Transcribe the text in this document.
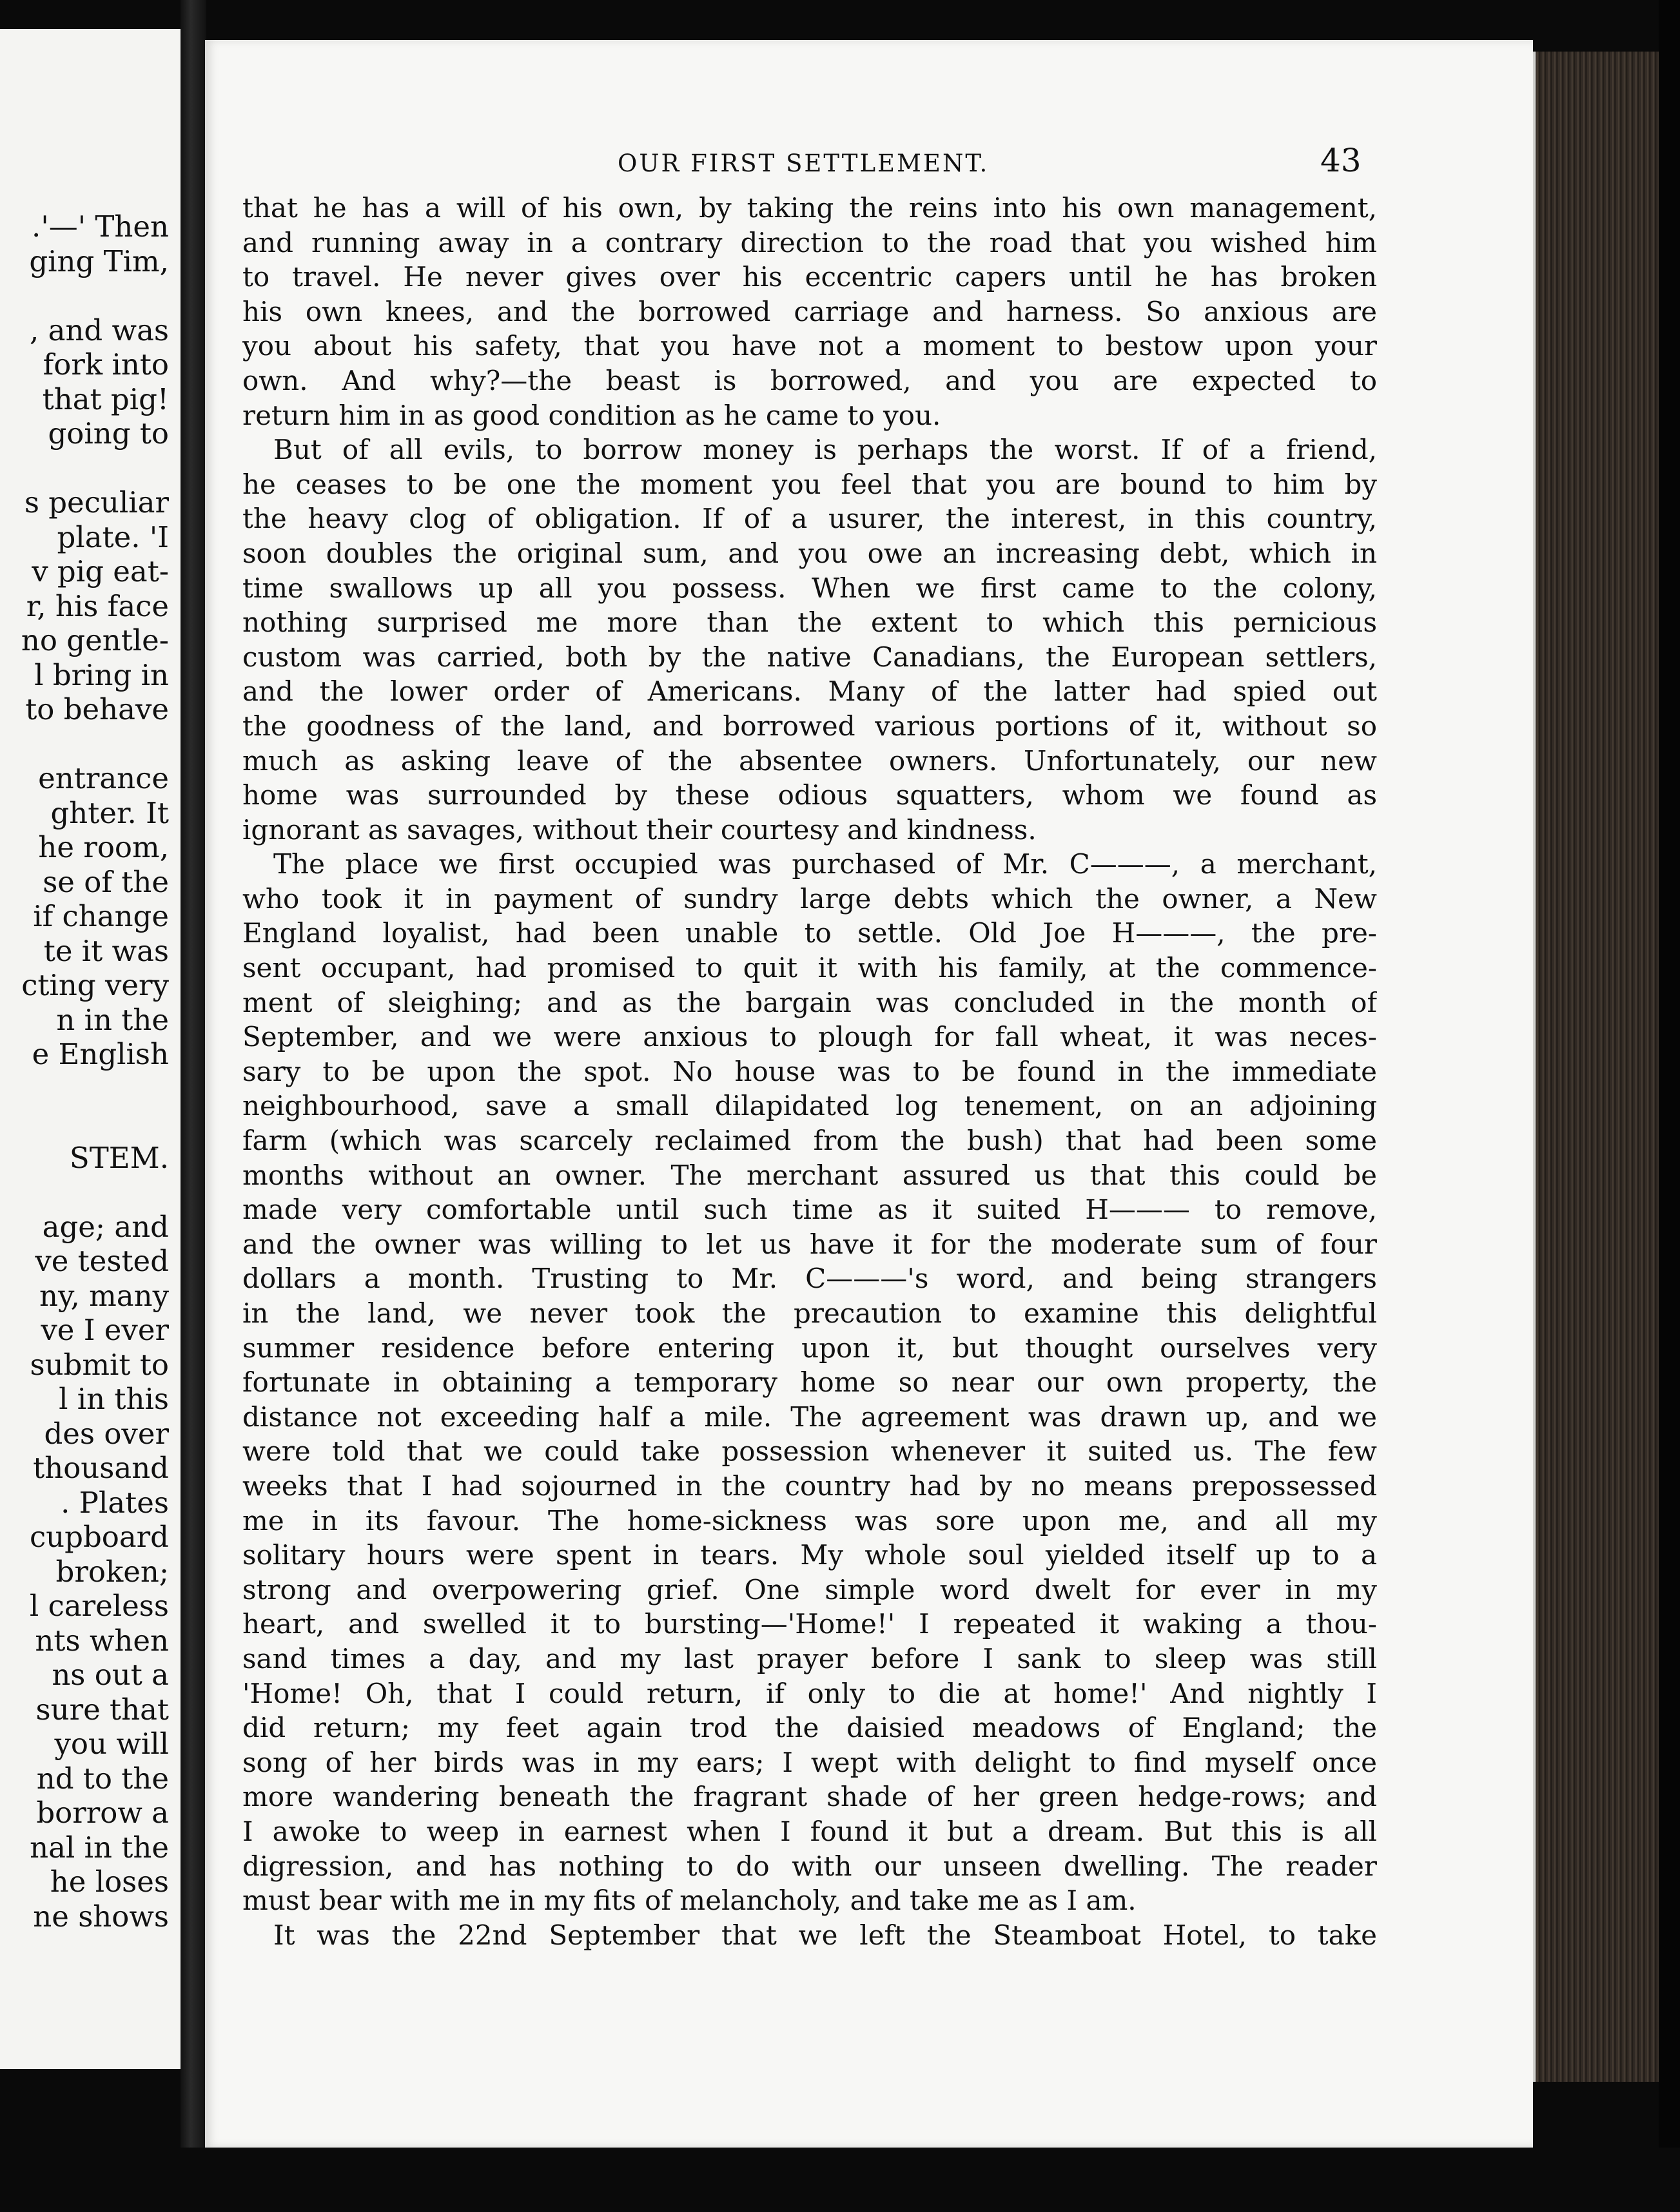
.'—' Then
ging Tim,
, and was
fork into
that pig!
going to
s peculiar
plate. 'I
v pig eat-
r, his face
no gentle-
l bring in
to behave
entrance
ghter. It
he room,
se of the
if change
te it was
cting very
n in the
e English
STEM.
age; and
ve tested
ny, many
ve I ever
submit to
l in this
des over
thousand
. Plates
cupboard
broken;
l careless
nts when
ns out a
sure that
you will
nd to the
borrow a
nal in the
he loses
ne shows
OUR FIRST SETTLEMENT.	43
that he has a will of his own, by taking the reins into his own management,
and running away in a contrary direction to the road that you wished him
to travel. He never gives over his eccentric capers until he has broken
his own knees, and the borrowed carriage and harness. So anxious are
you about his safety, that you have not a moment to bestow upon your
own. And why?—the beast is borrowed, and you are expected to
return him in as good condition as he came to you.
But of all evils, to borrow money is perhaps the worst. If of a friend,
he ceases to be one the moment you feel that you are bound to him by
the heavy clog of obligation. If of a usurer, the interest, in this country,
soon doubles the original sum, and you owe an increasing debt, which in
time swallows up all you possess. When we first came to the colony,
nothing surprised me more than the extent to which this pernicious
custom was carried, both by the native Canadians, the European settlers,
and the lower order of Americans. Many of the latter had spied out
the goodness of the land, and borrowed various portions of it, without so
much as asking leave of the absentee owners. Unfortunately, our new
home was surrounded by these odious squatters, whom we found as
ignorant as savages, without their courtesy and kindness.
The place we first occupied was purchased of Mr. C———, a merchant,
who took it in payment of sundry large debts which the owner, a New
England loyalist, had been unable to settle. Old Joe H———, the pre-
sent occupant, had promised to quit it with his family, at the commence-
ment of sleighing; and as the bargain was concluded in the month of
September, and we were anxious to plough for fall wheat, it was neces-
sary to be upon the spot. No house was to be found in the immediate
neighbourhood, save a small dilapidated log tenement, on an adjoining
farm (which was scarcely reclaimed from the bush) that had been some
months without an owner. The merchant assured us that this could be
made very comfortable until such time as it suited H——— to remove,
and the owner was willing to let us have it for the moderate sum of four
dollars a month. Trusting to Mr. C———'s word, and being strangers
in the land, we never took the precaution to examine this delightful
summer residence before entering upon it, but thought ourselves very
fortunate in obtaining a temporary home so near our own property, the
distance not exceeding half a mile. The agreement was drawn up, and we
were told that we could take possession whenever it suited us. The few
weeks that I had sojourned in the country had by no means prepossessed
me in its favour. The home-sickness was sore upon me, and all my
solitary hours were spent in tears. My whole soul yielded itself up to a
strong and overpowering grief. One simple word dwelt for ever in my
heart, and swelled it to bursting—'Home!' I repeated it waking a thou-
sand times a day, and my last prayer before I sank to sleep was still
'Home! Oh, that I could return, if only to die at home!' And nightly I
did return; my feet again trod the daisied meadows of England; the
song of her birds was in my ears; I wept with delight to find myself once
more wandering beneath the fragrant shade of her green hedge-rows; and
I awoke to weep in earnest when I found it but a dream. But this is all
digression, and has nothing to do with our unseen dwelling. The reader
must bear with me in my fits of melancholy, and take me as I am.
It was the 22nd September that we left the Steamboat Hotel, to take
